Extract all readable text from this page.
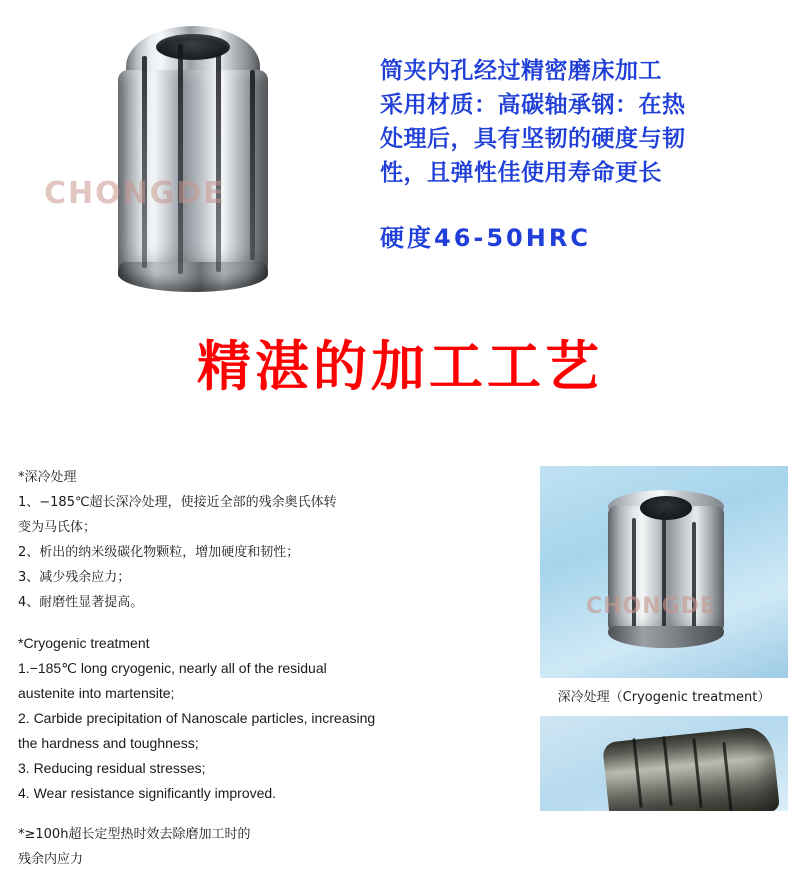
CHONGDE
筒夹内孔经过精密磨床加工
采用材质：高碳轴承钢：在热
处理后，具有坚韧的硬度与韧
性，且弹性佳使用寿命更长
硬度46-50HRC
精湛的加工工艺
*深冷处理
1、−185℃超长深冷处理，使接近全部的残余奥氏体转
变为马氏体；
2、析出的纳米级碳化物颗粒，增加硬度和韧性；
3、减少残余应力；
4、耐磨性显著提高。
*Cryogenic treatment
1.−185℃ long cryogenic, nearly all of the residual
austenite into martensite;
2. Carbide precipitation of Nanoscale particles, increasing
the hardness and toughness;
3. Reducing residual stresses;
4. Wear resistance significantly improved.
*≥100h超长定型热时效去除磨加工时的
残余内应力
CHONGDE
深冷处理（Cryogenic treatment）
